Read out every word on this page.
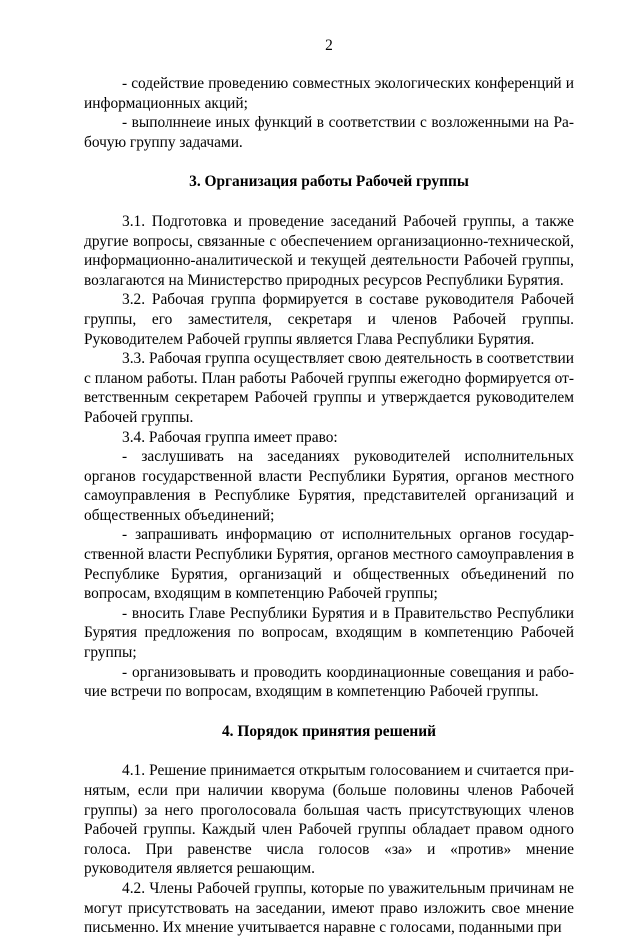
2

- содействие проведению совместных экологических конференций и информационных акций;

- выполннеие иных функций в соответствии с возложенными на Рабочую группу задачами.

3. Организация работы Рабочей группы

3.1. Подготовка и проведение заседаний Рабочей группы, а также другие вопросы, связанные с обеспечением организационно-технической, информационно-аналитической и текущей деятельности Рабочей группы, возлагаются на Министерство природных ресурсов Республики Бурятия.

3.2. Рабочая группа формируется в составе руководителя Рабочей группы, его заместителя, секретаря и членов Рабочей группы. Руководителем Рабочей группы является Глава Республики Бурятия.

3.3. Рабочая группа осуществляет свою деятельность в соответствии с планом работы. План работы Рабочей группы ежегодно формируется ответственным секретарем Рабочей группы и утверждается руководителем Рабочей группы.

3.4. Рабочая группа имеет право:

- заслушивать на заседаниях руководителей исполнительных органов государственной власти Республики Бурятия, органов местного самоуправления в Республике Бурятия, представителей организаций и общественных объединений;

- запрашивать информацию от исполнительных органов государственной власти Республики Бурятия, органов местного самоуправления в Республике Бурятия, организаций и общественных объединений по вопросам, входящим в компетенцию Рабочей группы;

- вносить Главе Республики Бурятия и в Правительство Республики Бурятия предложения по вопросам, входящим в компетенцию Рабочей группы;

- организовывать и проводить координационные совещания и рабочие встречи по вопросам, входящим в компетенцию Рабочей группы.

4. Порядок принятия решений

4.1. Решение принимается открытым голосованием и считается принятым, если при наличии кворума (больше половины членов Рабочей группы) за него проголосовала большая часть присутствующих членов Рабочей группы. Каждый член Рабочей группы обладает правом одного голоса. При равенстве числа голосов «за» и «против» мнение руководителя является решающим.

4.2. Члены Рабочей группы, которые по уважительным причинам не могут присутствовать на заседании, имеют право изложить свое мнение письменно. Их мнение учитывается наравне с голосами, поданными при
